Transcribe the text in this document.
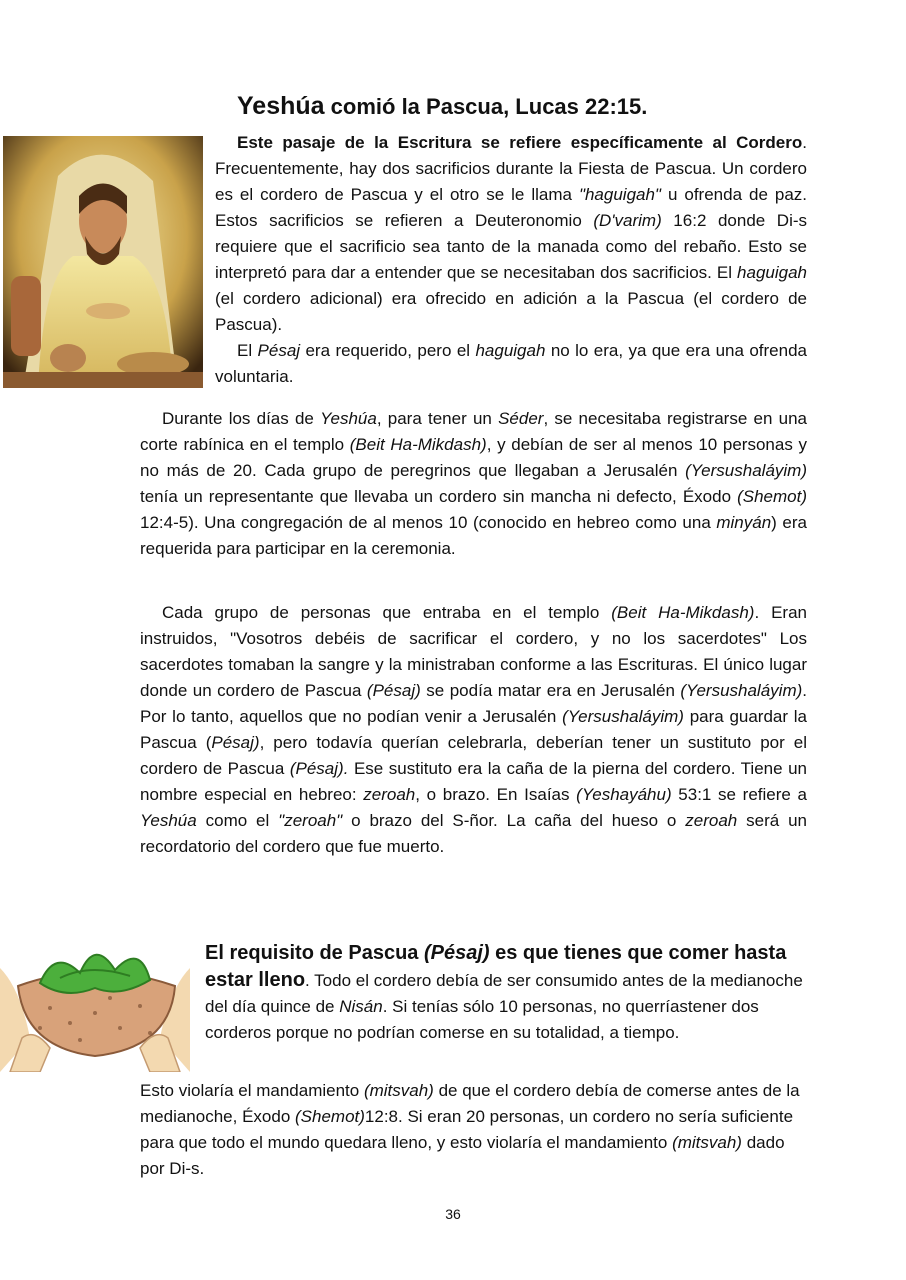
Yeshúa comió la Pascua, Lucas 22:15.

Este pasaje de la Escritura se refiere específicamente al Cordero. Frecuentemente, hay dos sacrificios durante la Fiesta de Pascua. Un cordero es el cordero de Pascua y el otro se le llama "haguigah" u ofrenda de paz. Estos sacrificios se refieren a Deuteronomio (D'varim) 16:2 donde Di-s requiere que el sacrificio sea tanto de la manada como del rebaño. Esto se interpretó para dar a entender que se necesitaban dos sacrificios. El haguigah (el cordero adicional) era ofrecido en adición a la Pascua (el cordero de Pascua).

El Pésaj era requerido, pero el haguigah no lo era, ya que era una ofrenda voluntaria.

Durante los días de Yeshúa, para tener un Séder, se necesitaba registrarse en una corte rabínica en el templo (Beit Ha-Mikdash), y debían de ser al menos 10 personas y no más de 20. Cada grupo de peregrinos que llegaban a Jerusalén (Yersushaláyim) tenía un representante que llevaba un cordero sin mancha ni defecto, Éxodo (Shemot) 12:4-5). Una congregación de al menos 10 (conocido en hebreo como una minyán) era requerida para participar en la ceremonia.

Cada grupo de personas que entraba en el templo (Beit Ha-Mikdash). Eran instruidos, "Vosotros debéis de sacrificar el cordero, y no los sacerdotes" Los sacerdotes tomaban la sangre y la ministraban conforme a las Escrituras. El único lugar donde un cordero de Pascua (Pésaj) se podía matar era en Jerusalén (Yersushaláyim). Por lo tanto, aquellos que no podían venir a Jerusalén (Yersushaláyim) para guardar la Pascua (Pésaj), pero todavía querían celebrarla, deberían tener un sustituto por el cordero de Pascua (Pésaj). Ese sustituto era la caña de la pierna del cordero. Tiene un nombre especial en hebreo: zeroah, o brazo. En Isaías (Yeshayáhu) 53:1 se refiere a Yeshúa como el "zeroah" o brazo del S-ñor. La caña del hueso o zeroah será un recordatorio del cordero que fue muerto.

El requisito de Pascua (Pésaj) es que tienes que comer hasta estar lleno. Todo el cordero debía de ser consumido antes de la medianoche del día quince de Nisán. Si tenías sólo 10 personas, no querríastener dos corderos porque no podrían comerse en su totalidad, a tiempo.
Esto violaría el mandamiento (mitsvah) de que el cordero debía de comerse antes de la medianoche, Éxodo (Shemot)12:8. Si eran 20 personas, un cordero no sería suficiente para que todo el mundo quedara lleno, y esto violaría el mandamiento (mitsvah) dado por Di-s.
36
